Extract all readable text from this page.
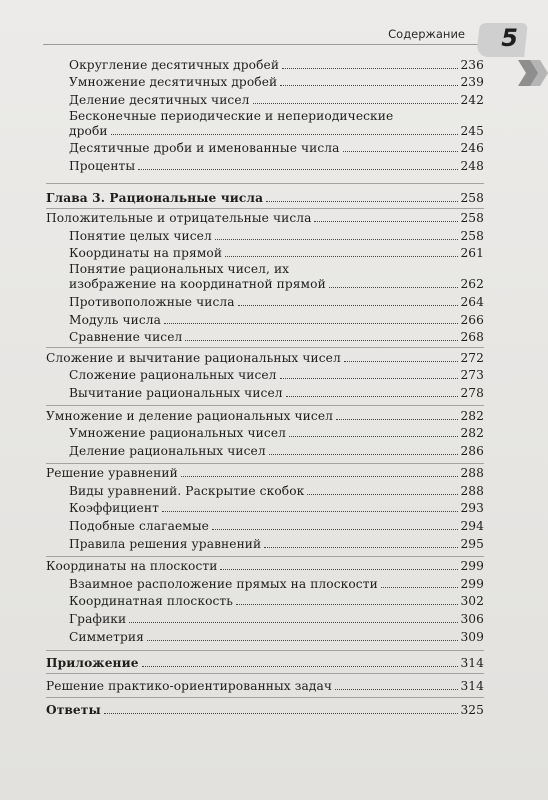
Содержание 5
Округление десятичных дробей	236
Умножение десятичных дробей	239
Деление десятичных чисел	242
Бесконечные периодические и непериодические
дроби	245
Десятичные дроби и именованные числа	246
Проценты	248
Глава 3. Рациональные числа	258
Положительные и отрицательные числа	258
Понятие целых чисел	258
Координаты на прямой	261
Понятие рациональных чисел, их
изображение на координатной прямой	262
Противоположные числа	264
Модуль числа	266
Сравнение чисел	268
Сложение и вычитание рациональных чисел	272
Сложение рациональных чисел	273
Вычитание рациональных чисел	278
Умножение и деление рациональных чисел	282
Умножение рациональных чисел	282
Деление рациональных чисел	286
Решение уравнений	288
Виды уравнений. Раскрытие скобок	288
Коэффициент	293
Подобные слагаемые	294
Правила решения уравнений	295
Координаты на плоскости	299
Взаимное расположение прямых на плоскости	299
Координатная плоскость	302
Графики	306
Симметрия	309
Приложение	314
Решение практико-ориентированных задач	314
Ответы	325
